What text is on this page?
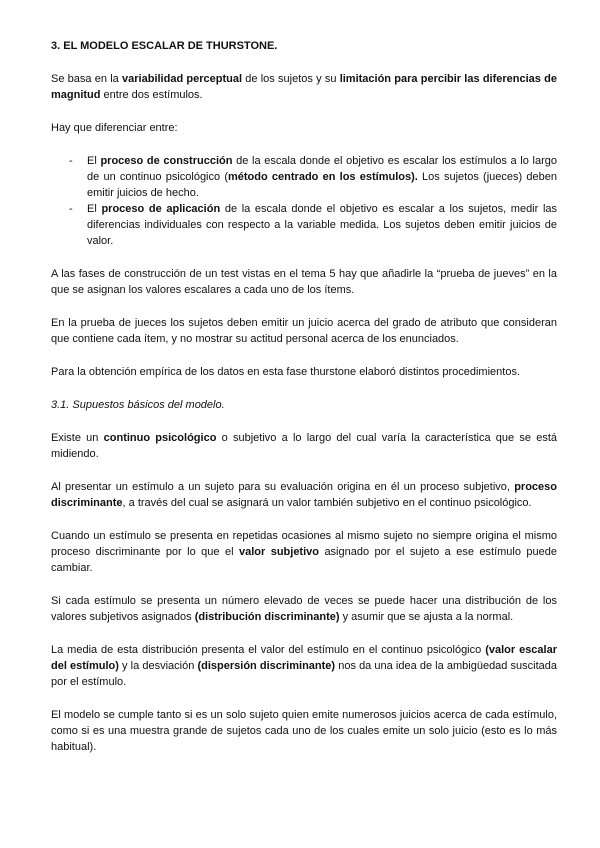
3. EL MODELO ESCALAR DE THURSTONE.

Se basa en la variabilidad perceptual de los sujetos y su limitación para percibir las diferencias de magnitud entre dos estímulos.

Hay que diferenciar entre:

- El proceso de construcción de la escala donde el objetivo es escalar los estímulos a lo largo de un continuo psicológico (método centrado en los estímulos). Los sujetos (jueces) deben emitir juicios de hecho.
- El proceso de aplicación de la escala donde el objetivo es escalar a los sujetos, medir las diferencias individuales con respecto a la variable medida. Los sujetos deben emitir juicios de valor.

A las fases de construcción de un test vistas en el tema 5 hay que añadirle la “prueba de jueves” en la que se asignan los valores escalares a cada uno de los ítems.

En la prueba de jueces los sujetos deben emitir un juicio acerca del grado de atributo que consideran que contiene cada ítem, y no mostrar su actitud personal acerca de los enunciados.

Para la obtención empírica de los datos en esta fase thurstone elaboró distintos procedimientos.

3.1. Supuestos básicos del modelo.

Existe un continuo psicológico o subjetivo a lo largo del cual varía la característica que se está midiendo.

Al presentar un estímulo a un sujeto para su evaluación origina en él un proceso subjetivo, proceso discriminante, a través del cual se asignará un valor también subjetivo en el continuo psicológico.

Cuando un estímulo se presenta en repetidas ocasiones al mismo sujeto no siempre origina el mismo proceso discriminante por lo que el valor subjetivo asignado por el sujeto a ese estímulo puede cambiar.

Si cada estímulo se presenta un número elevado de veces se puede hacer una distribución de los valores subjetivos asignados (distribución discriminante) y asumir que se ajusta a la normal.

La media de esta distribución presenta el valor del estímulo en el continuo psicológico (valor escalar del estímulo) y la desviación (dispersión discriminante) nos da una idea de la ambigüedad suscitada por el estímulo.

El modelo se cumple tanto si es un solo sujeto quien emite numerosos juicios acerca de cada estímulo, como si es una muestra grande de sujetos cada uno de los cuales emite un solo juicio (esto es lo más habitual).
